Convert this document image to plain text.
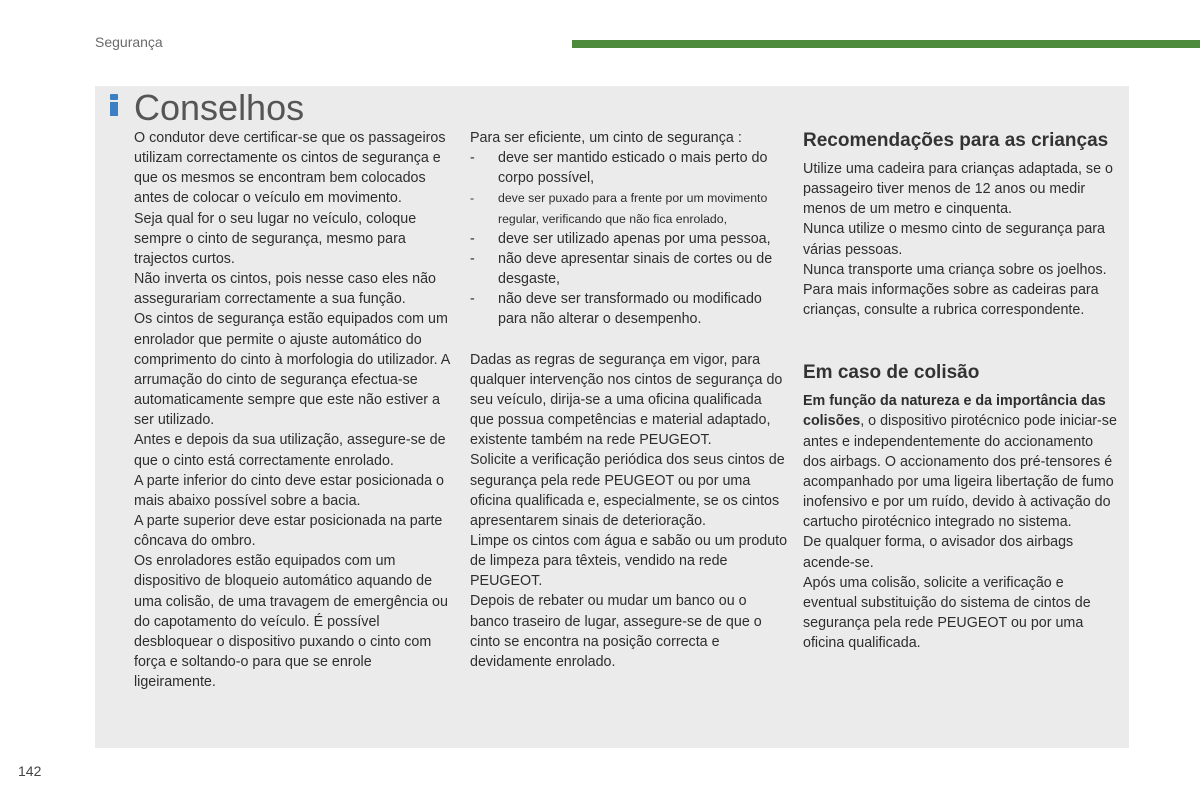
Segurança
Conselhos

O condutor deve certificar-se que os passageiros utilizam correctamente os cintos de segurança e que os mesmos se encontram bem colocados antes de colocar o veículo em movimento.

Seja qual for o seu lugar no veículo, coloque sempre o cinto de segurança, mesmo para trajectos curtos.

Não inverta os cintos, pois nesse caso eles não assegurariam correctamente a sua função.

Os cintos de segurança estão equipados com um enrolador que permite o ajuste automático do comprimento do cinto à morfologia do utilizador. A arrumação do cinto de segurança efectua-se automaticamente sempre que este não estiver a ser utilizado.

Antes e depois da sua utilização, assegure-se de que o cinto está correctamente enrolado.

A parte inferior do cinto deve estar posicionada o mais abaixo possível sobre a bacia.

A parte superior deve estar posicionada na parte côncava do ombro.

Os enroladores estão equipados com um dispositivo de bloqueio automático aquando de uma colisão, de uma travagem de emergência ou do capotamento do veículo. É possível desbloquear o dispositivo puxando o cinto com força e soltando-o para que se enrole ligeiramente.

Para ser eficiente, um cinto de segurança :

- deve ser mantido esticado o mais perto do corpo possível,
- deve ser puxado para a frente por um movimento regular, verificando que não fica enrolado,
- deve ser utilizado apenas por uma pessoa,
- não deve apresentar sinais de cortes ou de desgaste,
- não deve ser transformado ou modificado para não alterar o desempenho.

Dadas as regras de segurança em vigor, para qualquer intervenção nos cintos de segurança do seu veículo, dirija-se a uma oficina qualificada que possua competências e material adaptado, existente também na rede PEUGEOT.

Solicite a verificação periódica dos seus cintos de segurança pela rede PEUGEOT ou por uma oficina qualificada e, especialmente, se os cintos apresentarem sinais de deterioração.

Limpe os cintos com água e sabão ou um produto de limpeza para têxteis, vendido na rede PEUGEOT.

Depois de rebater ou mudar um banco ou o banco traseiro de lugar, assegure-se de que o cinto se encontra na posição correcta e devidamente enrolado.

Recomendações para as crianças

Utilize uma cadeira para crianças adaptada, se o passageiro tiver menos de 12 anos ou medir menos de um metro e cinquenta.

Nunca utilize o mesmo cinto de segurança para várias pessoas.

Nunca transporte uma criança sobre os joelhos.

Para mais informações sobre as cadeiras para crianças, consulte a rubrica correspondente.

Em caso de colisão

Em função da natureza e da importância das colisões, o dispositivo pirotécnico pode iniciar-se antes e independentemente do accionamento dos airbags. O accionamento dos pré-tensores é acompanhado por uma ligeira libertação de fumo inofensivo e por um ruído, devido à activação do cartucho pirotécnico integrado no sistema.

De qualquer forma, o avisador dos airbags acende-se.

Após uma colisão, solicite a verificação e eventual substituição do sistema de cintos de segurança pela rede PEUGEOT ou por uma oficina qualificada.

142
